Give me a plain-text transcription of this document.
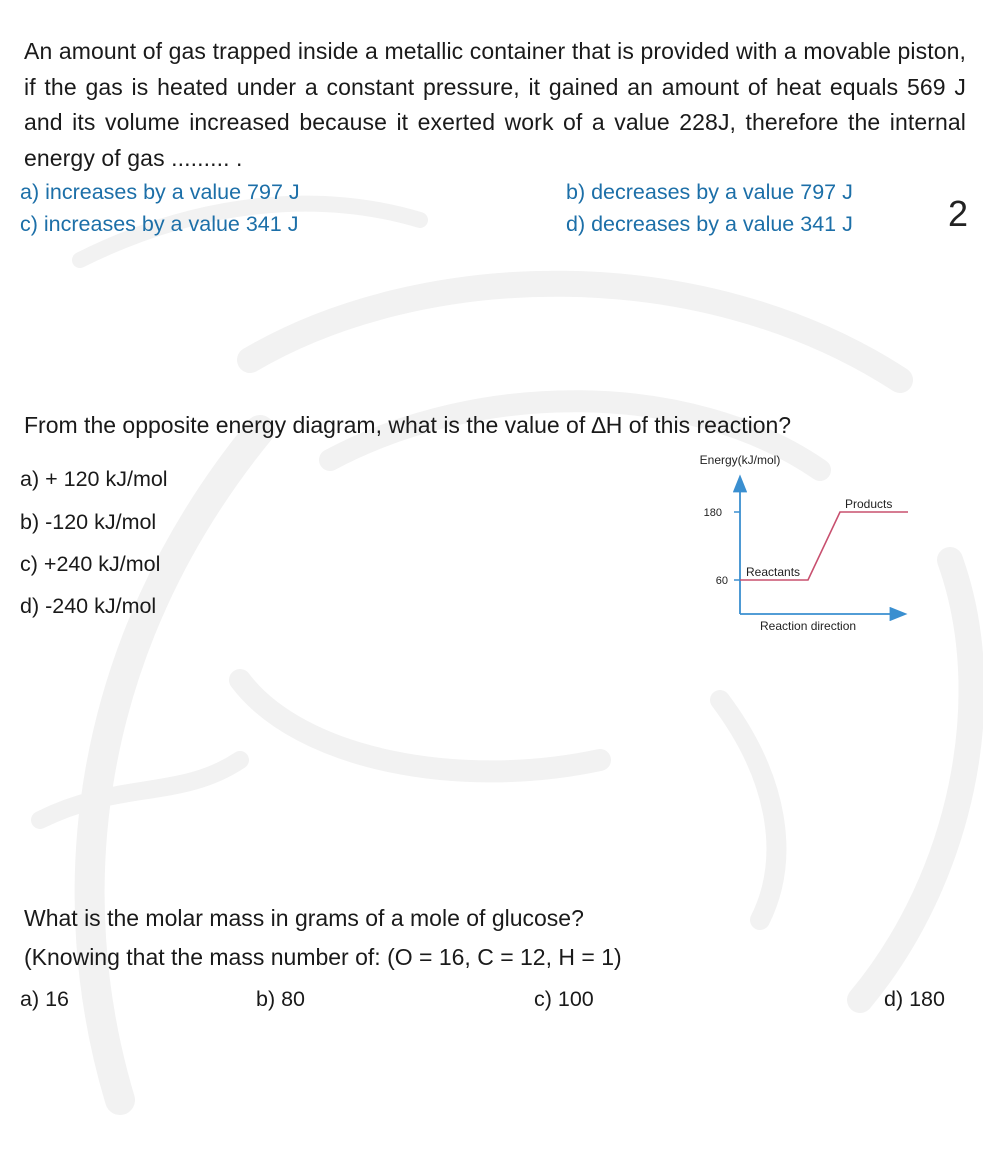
An amount of gas trapped inside a metallic container that is provided with a movable piston, if the gas is heated under a constant pressure, it gained an amount of heat equals 569 J and its volume increased because it exerted work of a value 228J, therefore the internal energy of gas ......... .
a) increases by a value 797 J	b) decreases by a value 797 J
c) increases by a value 341 J	d) decreases by a value 341 J	2
From the opposite energy diagram, what is the value of ∆H of this reaction?
a) + 120 kJ/mol
b) -120 kJ/mol
c) +240 kJ/mol
d) -240 kJ/mol
Energy(kJ/mol)
180
60
Reactants
Products
Reaction direction
What is the molar mass in grams of a mole of glucose?
(Knowing that the mass number of: (O = 16, C = 12, H = 1)
a) 16	b) 80	c) 100	d) 180
